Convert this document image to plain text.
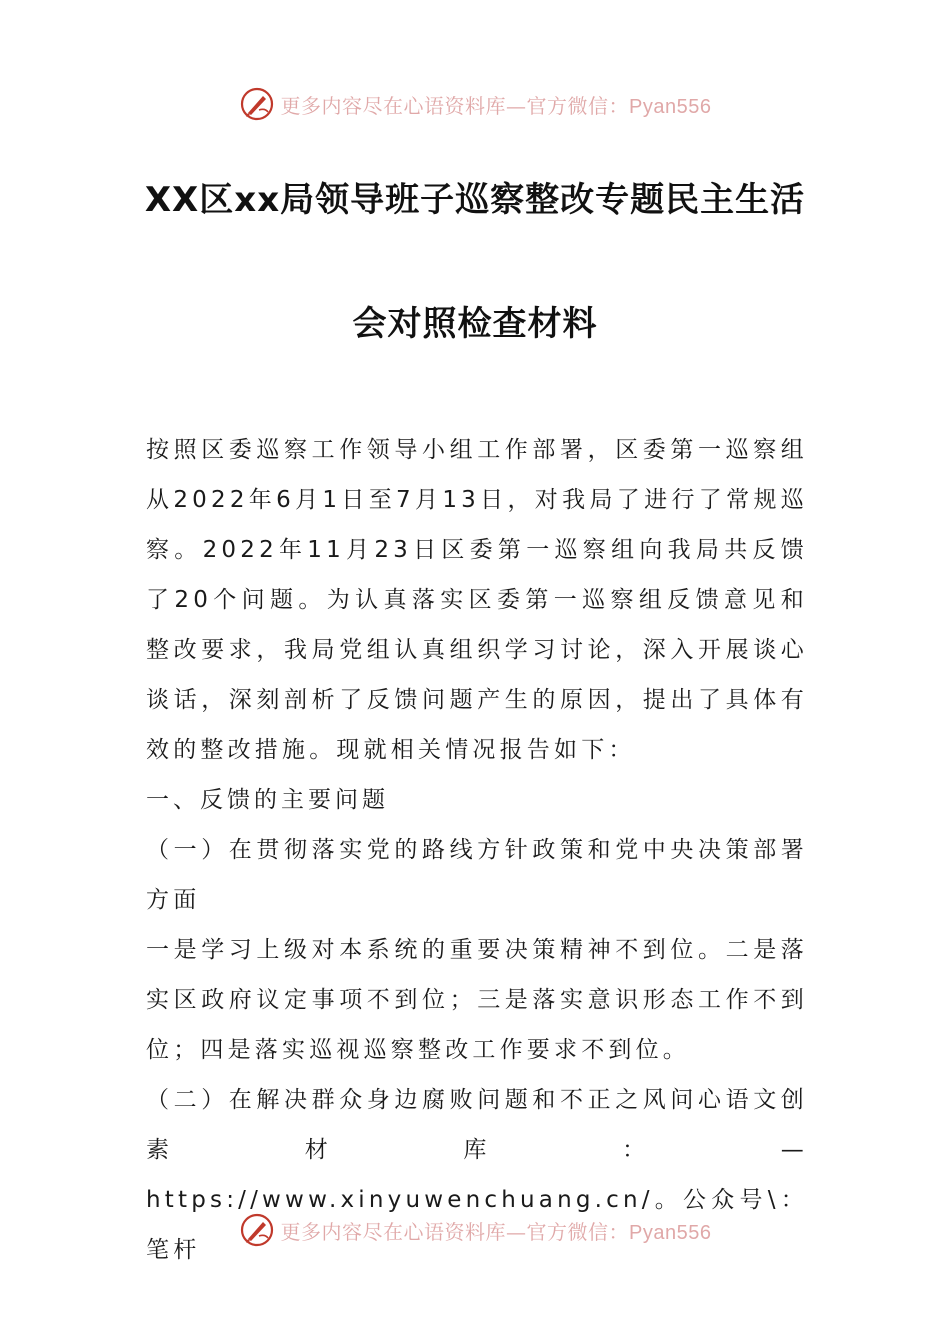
更多内容尽在心语资料库—官方微信：Pyan556
XX区xx局领导班子巡察整改专题民主生活
会对照检查材料

按照区委巡察工作领导小组工作部署，区委第一巡察组从2022年6月1日至7月13日，对我局了进行了常规巡察。2022年11月23日区委第一巡察组向我局共反馈了20个问题。为认真落实区委第一巡察组反馈意见和整改要求，我局党组认真组织学习讨论，深入开展谈心谈话，深刻剖析了反馈问题产生的原因，提出了具体有效的整改措施。现就相关情况报告如下：

一、反馈的主要问题

（一）在贯彻落实党的路线方针政策和党中央决策部署方面

一是学习上级对本系统的重要决策精神不到位。二是落实区政府议定事项不到位；三是落实意识形态工作不到位；四是落实巡视巡察整改工作要求不到位。

（二）在解决群众身边腐败问题和不正之风问心语文创素材库：—https://www.xinyuwenchuang.cn/。公众号\：笔杆

更多内容尽在心语资料库—官方微信：Pyan556
